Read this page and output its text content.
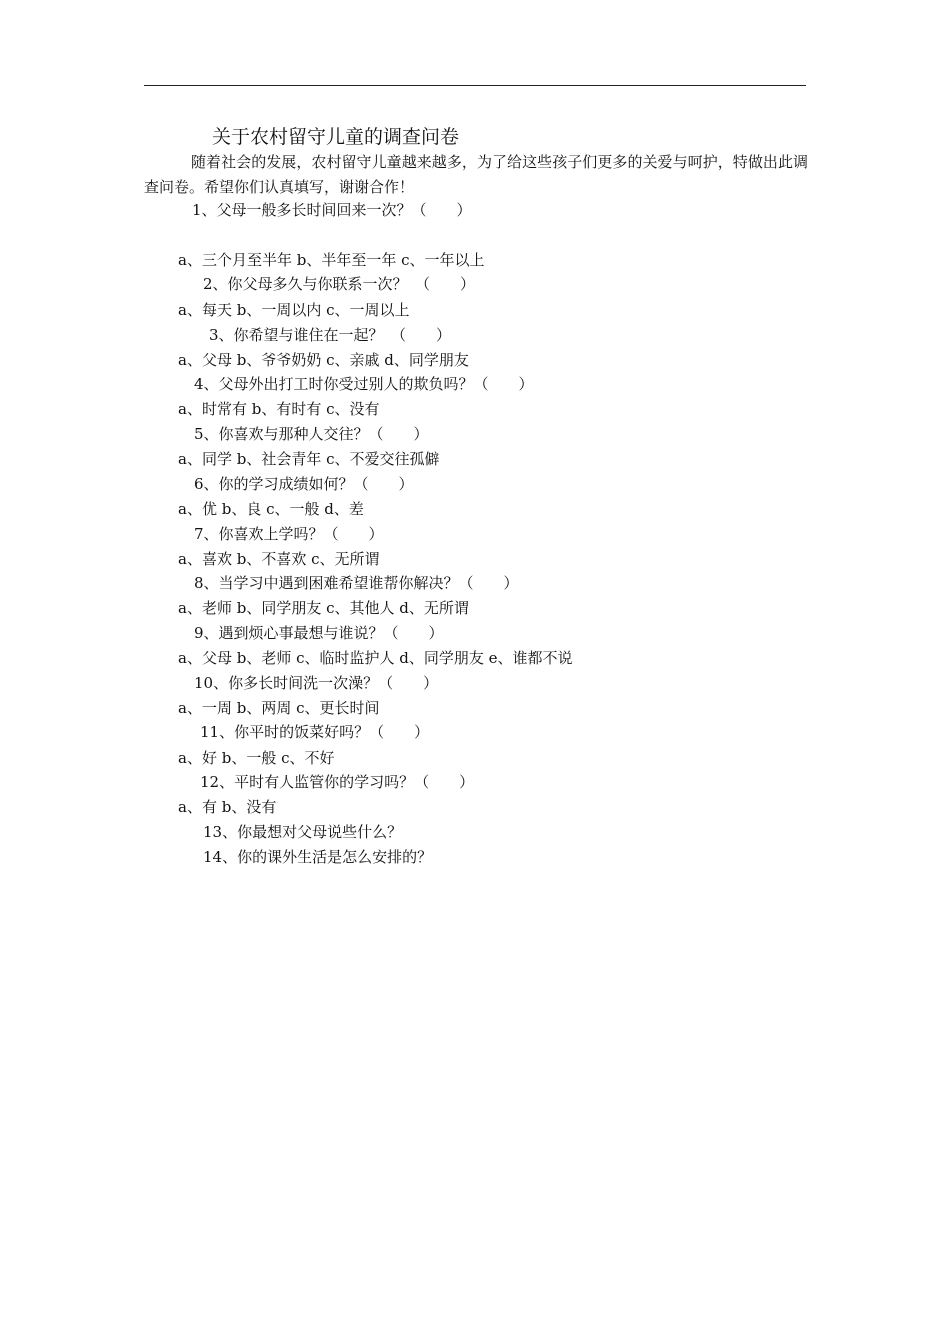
关于农村留守儿童的调查问卷
随着社会的发展，农村留守儿童越来越多，为了给这些孩子们更多的关爱与呵护，特做出此调查问卷。希望你们认真填写，谢谢合作！
1、父母一般多长时间回来一次？（　　）
a、三个月至半年 b、半年至一年 c、一年以上
2、你父母多久与你联系一次？　（　　）
a、每天 b、一周以内 c、一周以上
3、你希望与谁住在一起？　（　　）
a、父母 b、爷爷奶奶 c、亲戚 d、同学朋友
4、父母外出打工时你受过别人的欺负吗？（　　）
a、时常有 b、有时有 c、没有
5、你喜欢与那种人交往？（　　）
a、同学 b、社会青年 c、不爱交往孤僻
6、你的学习成绩如何？（　　）
a、优 b、良 c、一般 d、差
7、你喜欢上学吗？（　　）
a、喜欢 b、不喜欢 c、无所谓
8、当学习中遇到困难希望谁帮你解决？（　　）
a、老师 b、同学朋友 c、其他人 d、无所谓
9、遇到烦心事最想与谁说？（　　）
a、父母 b、老师 c、临时监护人 d、同学朋友 e、谁都不说
10、你多长时间洗一次澡？（　　）
a、一周 b、两周 c、更长时间
11、你平时的饭菜好吗？（　　）
a、好 b、一般 c、不好
12、平时有人监管你的学习吗？（　　）
a、有 b、没有
13、你最想对父母说些什么？
14、你的课外生活是怎么安排的？
